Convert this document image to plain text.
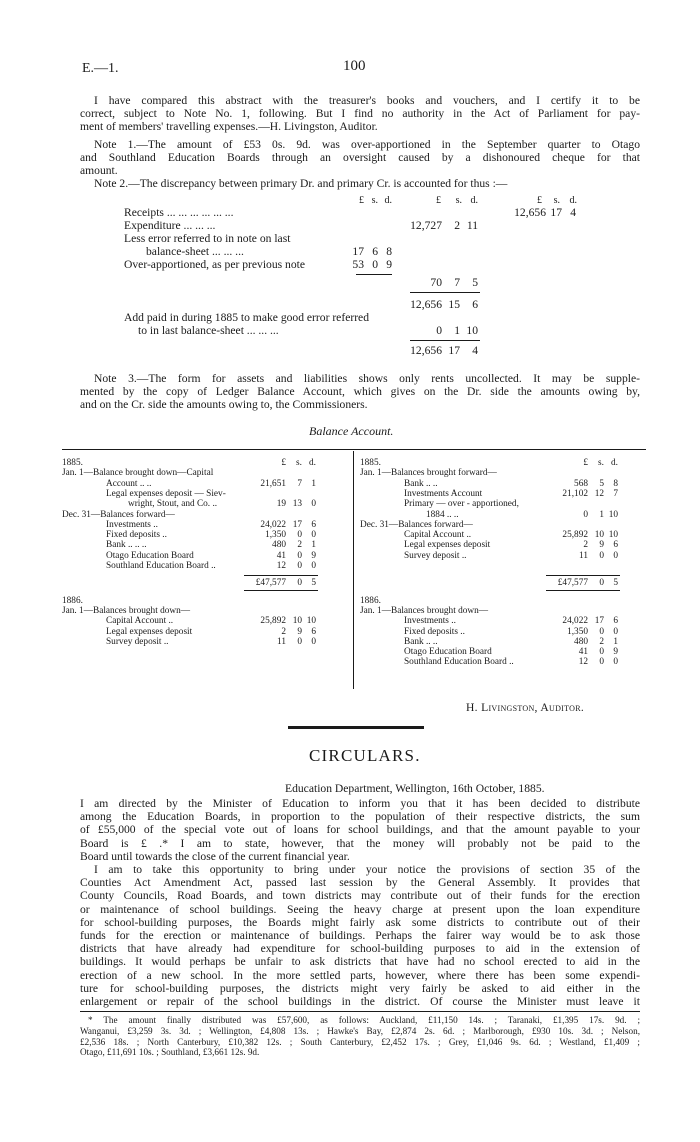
E.—1.	100
I have compared this abstract with the treasurer's books and vouchers, and I certify it to be
correct, subject to Note No. 1, following. But I find no authority in the Act of Parliament for pay-
ment of members' travelling expenses.—H. Livingston, Auditor.
Note 1.—The amount of £53 0s. 9d. was over-apportioned in the September quarter to Otago
and Southland Education Boards through an oversight caused by a dishonoured cheque for that
amount.
Note 2.—The discrepancy between primary Dr. and primary Cr. is accounted for thus :—
£ s. d.	£	s. d.	£	s. d.
Receipts ... ... ... ... ... ...	12,656 17 4
Expenditure ... ... ...	12,727	2 11
Less error referred to in note on last
balance-sheet ... ... ...	17 6 8
Over-apportioned, as per previous note	53 0 9
70	7	5
12,656 15	6
Add paid in during 1885 to make good error referred
to in last balance-sheet ... ... ...	0	1 10
12,656 17	4
Note 3.—The form for assets and liabilities shows only rents uncollected. It may be supple-
mented by the copy of Ledger Balance Account, which gives on the Dr. side the amounts owing by,
and on the Cr. side the amounts owing to, the Commissioners.
Balance Account.
1885.	£	s. d.
Jan. 1—Balance brought down—Capital
Account .. ..	21,651	7	1
Legal expenses deposit — Siev-
wright, Stout, and Co. ..	19 13	0
Dec. 31—Balances forward—
Investments ..	24,022 17	6
Fixed deposits ..	1,350	0	0
Bank .. .. ..	480	2	1
Otago Education Board	41	0	9
Southland Education Board ..	12	0	0
£47,577	0	5
1886.
Jan. 1—Balances brought down—
Capital Account ..	25,892 10 10
Legal expenses deposit	2	9	6
Survey deposit ..	11	0	0
1885.	£	s. d.
Jan. 1—Balances brought forward—
Bank .. ..	568	5	8
Investments Account	21,102 12	7
Primary — over - apportioned,
1884 .. ..	0	1 10
Dec. 31—Balances forward—
Capital Account ..	25,892 10 10
Legal expenses deposit	2	9	6
Survey deposit ..	11	0	0
£47,577	0	5
1886.
Jan. 1—Balances brought down—
Investments ..	24,022 17	6
Fixed deposits ..	1,350	0	0
Bank .. ..	480	2	1
Otago Education Board	41	0	9
Southland Education Board ..	12	0	0
H. Livingston, Auditor.
CIRCULARS.
Education Department, Wellington, 16th October, 1885.
I am directed by the Minister of Education to inform you that it has been decided to distribute
among the Education Boards, in proportion to the population of their respective districts, the sum
of £55,000 of the special vote out of loans for school buildings, and that the amount payable to your
Board is £ .* I am to state, however, that the money will probably not be paid to the
Board until towards the close of the current financial year.
I am to take this opportunity to bring under your notice the provisions of section 35 of the
Counties Act Amendment Act, passed last session by the General Assembly. It provides that
County Councils, Road Boards, and town districts may contribute out of their funds for the erection
or maintenance of school buildings. Seeing the heavy charge at present upon the loan expenditure
for school-building purposes, the Boards might fairly ask some districts to contribute out of their
funds for the erection or maintenance of buildings. Perhaps the fairer way would be to ask those
districts that have already had expenditure for school-building purposes to aid in the extension of
buildings. It would perhaps be unfair to ask districts that have had no school erected to aid in the
erection of a new school. In the more settled parts, however, where there has been some expendi-
ture for school-building purposes, the districts might very fairly be asked to aid either in the
enlargement or repair of the school buildings in the district. Of course the Minister must leave it
* The amount finally distributed was £57,600, as follows: Auckland, £11,150 14s. ; Taranaki, £1,395 17s. 9d. ;
Wanganui, £3,259 3s. 3d. ; Wellington, £4,808 13s. ; Hawke's Bay, £2,874 2s. 6d. ; Marlborough, £930 10s. 3d. ; Nelson,
£2,536 18s. ; North Canterbury, £10,382 12s. ; South Canterbury, £2,452 17s. ; Grey, £1,046 9s. 6d. ; Westland, £1,409 ;
Otago, £11,691 10s. ; Southland, £3,661 12s. 9d.
